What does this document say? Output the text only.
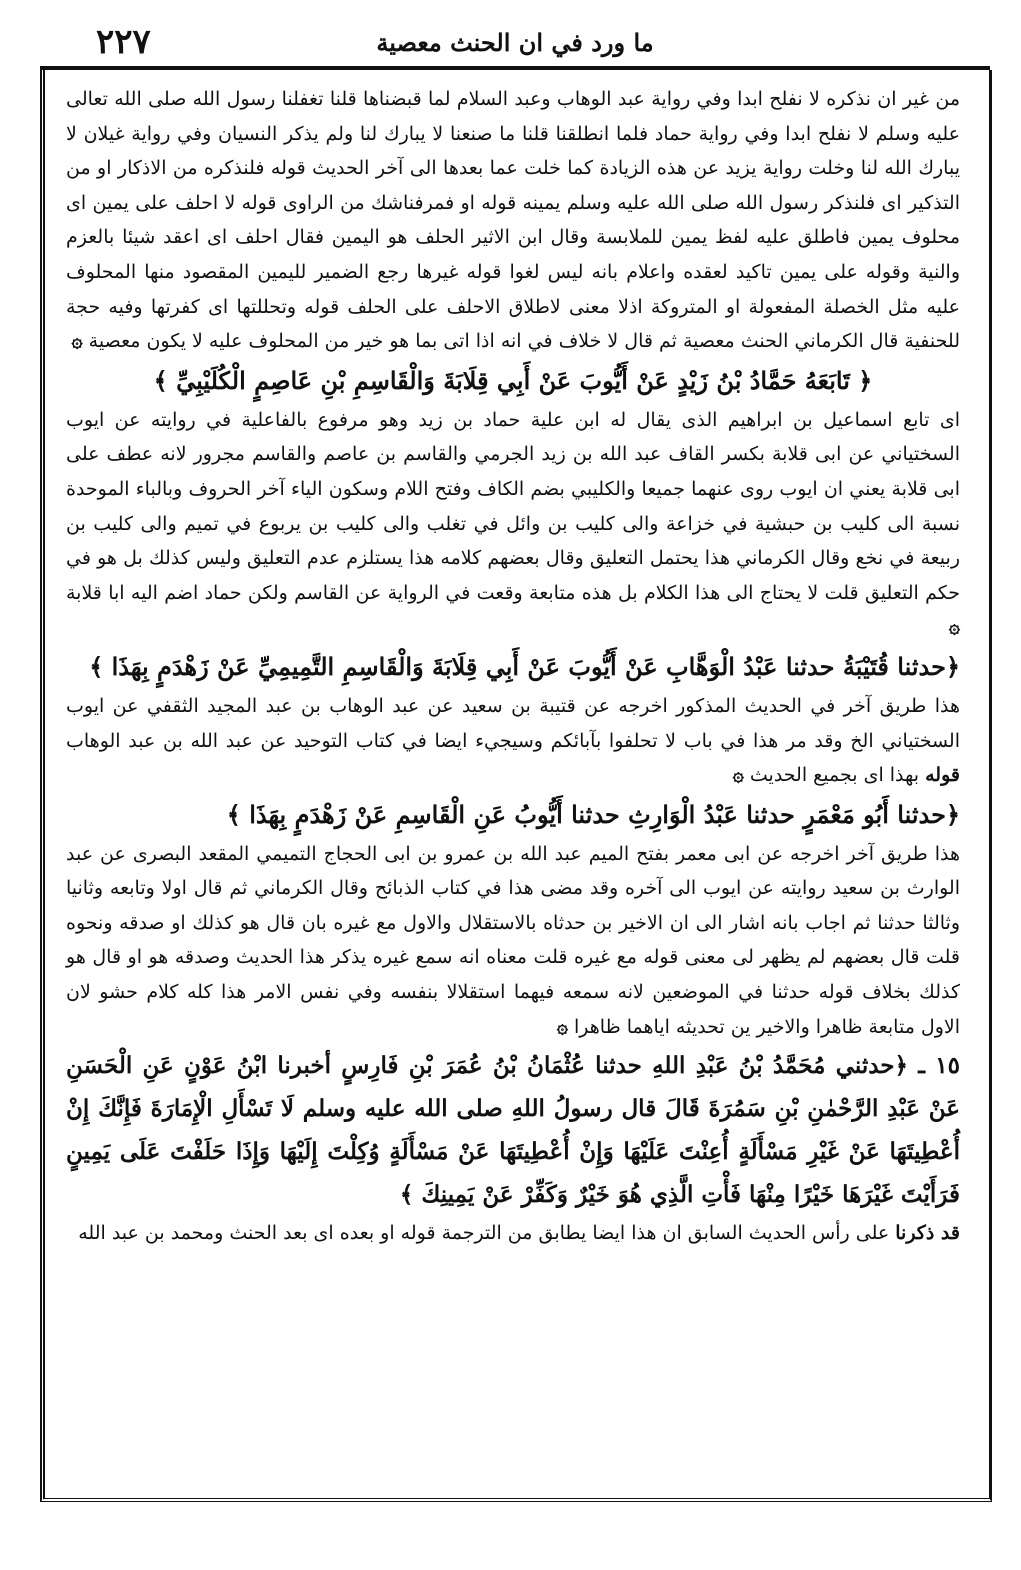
۲۲۷	ما ورد في ان الحنث معصية

من غير ان نذكره لا نفلح ابدا وفي رواية عبد الوهاب وعبد السلام لما قبضناها قلنا تغفلنا رسول الله صلى الله تعالى عليه وسلم لا نفلح ابدا وفي رواية حماد فلما انطلقنا قلنا ما صنعنا لا يبارك لنا ولم يذكر النسيان وفي رواية غيلان لا يبارك الله لنا وخلت رواية يزيد عن هذه الزيادة كما خلت عما بعدها الى آخر الحديث قوله فلنذكره من الاذكار او من التذكير اى فلنذكر رسول الله صلى الله عليه وسلم يمينه قوله او فمرفناشك من الراوى قوله لا احلف على يمين اى محلوف يمين فاطلق عليه لفظ يمين للملابسة وقال ابن الاثير الحلف هو اليمين فقال احلف اى اعقد شيئا بالعزم والنية وقوله على يمين تاكيد لعقده واعلام بانه ليس لغوا قوله غيرها رجع الضمير لليمين المقصود منها المحلوف عليه مثل الخصلة المفعولة او المتروكة اذلا معنى لاطلاق الاحلف على الحلف قوله وتحللتها اى كفرتها وفيه حجة للحنفية قال الكرماني الحنث معصية ثم قال لا خلاف في انه اذا اتى بما هو خير من المحلوف عليه لا يكون معصية ۞

﴿ تَابَعَهُ حَمَّادُ بْنُ زَيْدٍ عَنْ أَيُّوبَ عَنْ أَبِي قِلَابَةَ وَالْقَاسِمِ بْنِ عَاصِمٍ الْكُلَيْبِيِّ ﴾

اى تابع اسماعيل بن ابراهيم الذى يقال له ابن علية حماد بن زيد وهو مرفوع بالفاعلية في روايته عن ايوب السختياني عن ابى قلابة بكسر القاف عبد الله بن زيد الجرمي والقاسم بن عاصم والقاسم مجرور لانه عطف على ابى قلابة يعني ان ايوب روى عنهما جميعا والكليبي بضم الكاف وفتح اللام وسكون الياء آخر الحروف وبالباء الموحدة نسبة الى كليب بن حبشية في خزاعة والى كليب بن وائل في تغلب والى كليب بن يربوع في تميم والى كليب بن ربيعة في نخع وقال الكرماني هذا يحتمل التعليق وقال بعضهم كلامه هذا يستلزم عدم التعليق وليس كذلك بل هو في حكم التعليق قلت لا يحتاج الى هذا الكلام بل هذه متابعة وقعت في الرواية عن القاسم ولكن حماد اضم اليه ابا قلابة ۞

﴿حدثنا قُتَيْبَةُ حدثنا عَبْدُ الْوَهَّابِ عَنْ أَيُّوبَ عَنْ أَبِي قِلَابَةَ وَالْقَاسِمِ التَّمِيمِيِّ عَنْ زَهْدَمٍ بِهَذَا ﴾

هذا طريق آخر في الحديث المذكور اخرجه عن قتيبة بن سعيد عن عبد الوهاب بن عبد المجيد الثقفي عن ايوب السختياني الخ وقد مر هذا في باب لا تحلفوا بآبائكم وسيجيء ايضا في كتاب التوحيد عن عبد الله بن عبد الوهاب قوله بهذا اى بجميع الحديث ۞

﴿حدثنا أَبُو مَعْمَرٍ حدثنا عَبْدُ الْوَارِثِ حدثنا أَيُّوبُ عَنِ الْقَاسِمِ عَنْ زَهْدَمٍ بِهَذَا ﴾

هذا طريق آخر اخرجه عن ابى معمر بفتح الميم عبد الله بن عمرو بن ابى الحجاج التميمي المقعد البصرى عن عبد الوارث بن سعيد روايته عن ايوب الى آخره وقد مضى هذا في كتاب الذبائح وقال الكرماني ثم قال اولا وتابعه وثانيا وثالثا حدثنا ثم اجاب بانه اشار الى ان الاخير بن حدثاه بالاستقلال والاول مع غيره بان قال هو كذلك او صدقه ونحوه قلت قال بعضهم لم يظهر لى معنى قوله مع غيره قلت معناه انه سمع غيره يذكر هذا الحديث وصدقه هو او قال هو كذلك بخلاف قوله حدثنا في الموضعين لانه سمعه فيهما استقلالا بنفسه وفي نفس الامر هذا كله كلام حشو لان الاول متابعة ظاهرا والاخير ين تحديثه اياهما ظاهرا ۞

١٥ ـ ﴿حدثني مُحَمَّدُ بْنُ عَبْدِ اللهِ حدثنا عُثْمَانُ بْنُ عُمَرَ بْنِ فَارِسٍ أخبرنا ابْنُ عَوْنٍ عَنِ الْحَسَنِ عَنْ عَبْدِ الرَّحْمٰنِ بْنِ سَمُرَةَ قَالَ قال رسولُ اللهِ صلى الله عليه وسلم لَا تَسْأَلِ الْإِمَارَةَ فَإِنَّكَ إِنْ أُعْطِيتَهَا عَنْ غَيْرِ مَسْأَلَةٍ أُعِنْتَ عَلَيْهَا وَإِنْ أُعْطِيتَهَا عَنْ مَسْأَلَةٍ وُكِلْتَ إِلَيْهَا وَإِذَا حَلَفْتَ عَلَى يَمِينٍ فَرَأَيْتَ غَيْرَهَا خَيْرًا مِنْهَا فَأْتِ الَّذِي هُوَ خَيْرٌ وَكَفِّرْ عَنْ يَمِينِكَ ﴾

قد ذكرنا على رأس الحديث السابق ان هذا ايضا يطابق من الترجمة قوله او بعده اى بعد الحنث ومحمد بن عبد الله
